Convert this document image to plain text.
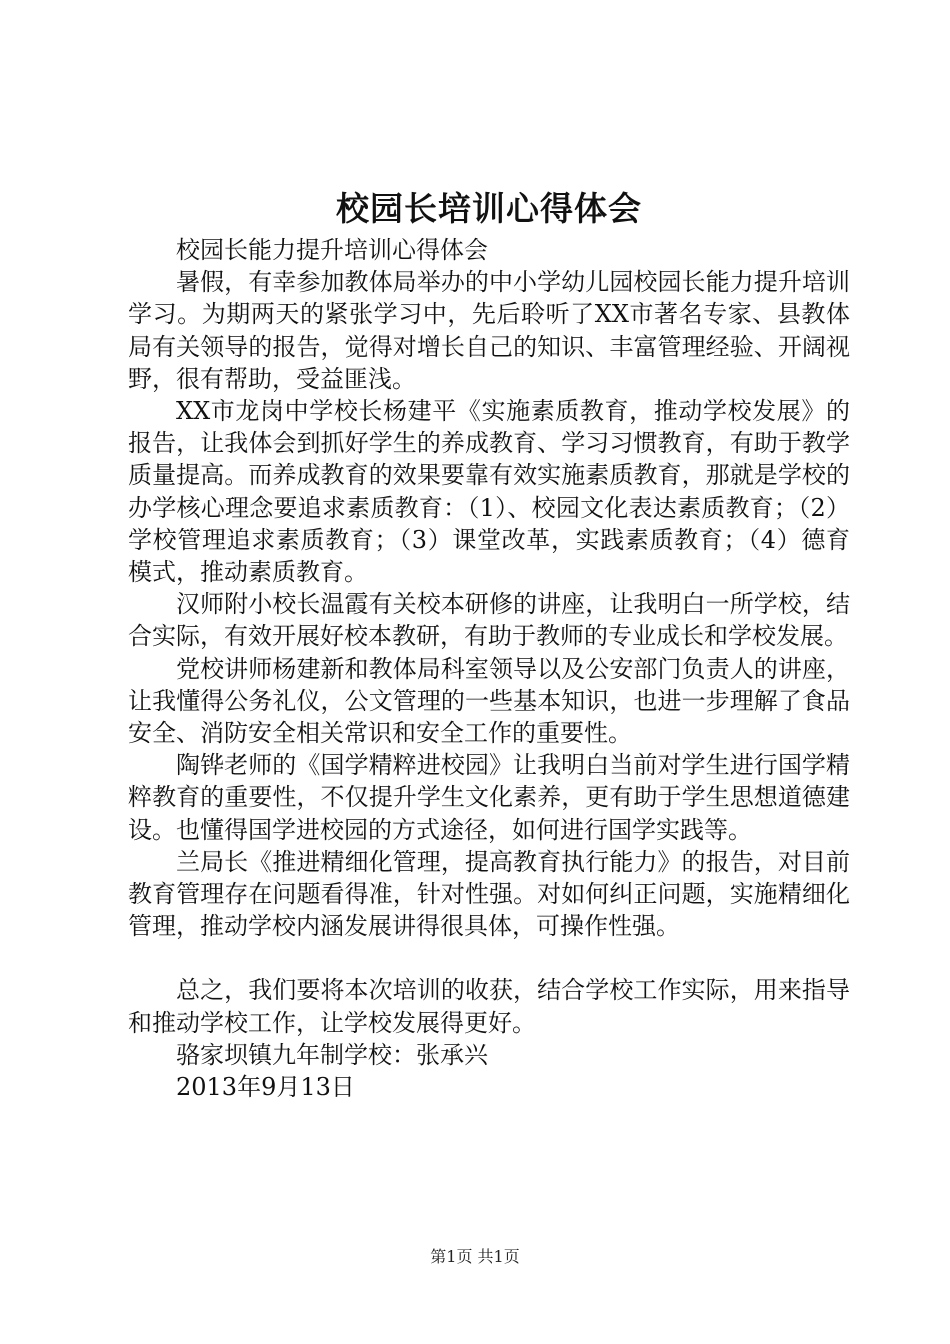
校园长培训心得体会

校园长能力提升培训心得体会

暑假，有幸参加教体局举办的中小学幼儿园校园长能力提升培训学习。为期两天的紧张学习中，先后聆听了XX市著名专家、县教体局有关领导的报告，觉得对增长自己的知识、丰富管理经验、开阔视野，很有帮助，受益匪浅。

XX市龙岗中学校长杨建平《实施素质教育，推动学校发展》的报告，让我体会到抓好学生的养成教育、学习习惯教育，有助于教学质量提高。而养成教育的效果要靠有效实施素质教育，那就是学校的办学核心理念要追求素质教育：（1）、校园文化表达素质教育；（2）学校管理追求素质教育；（3）课堂改革，实践素质教育；（4）德育模式，推动素质教育。

汉师附小校长温霞有关校本研修的讲座，让我明白一所学校，结合实际，有效开展好校本教研，有助于教师的专业成长和学校发展。

党校讲师杨建新和教体局科室领导以及公安部门负责人的讲座，让我懂得公务礼仪，公文管理的一些基本知识，也进一步理解了食品安全、消防安全相关常识和安全工作的重要性。

陶铧老师的《国学精粹进校园》让我明白当前对学生进行国学精粹教育的重要性，不仅提升学生文化素养，更有助于学生思想道德建设。也懂得国学进校园的方式途径，如何进行国学实践等。

兰局长《推进精细化管理，提高教育执行能力》的报告，对目前教育管理存在问题看得准，针对性强。对如何纠正问题，实施精细化管理，推动学校内涵发展讲得很具体，可操作性强。

总之，我们要将本次培训的收获，结合学校工作实际，用来指导和推动学校工作，让学校发展得更好。

骆家坝镇九年制学校：张承兴

2013年9月13日

第1页 共1页
